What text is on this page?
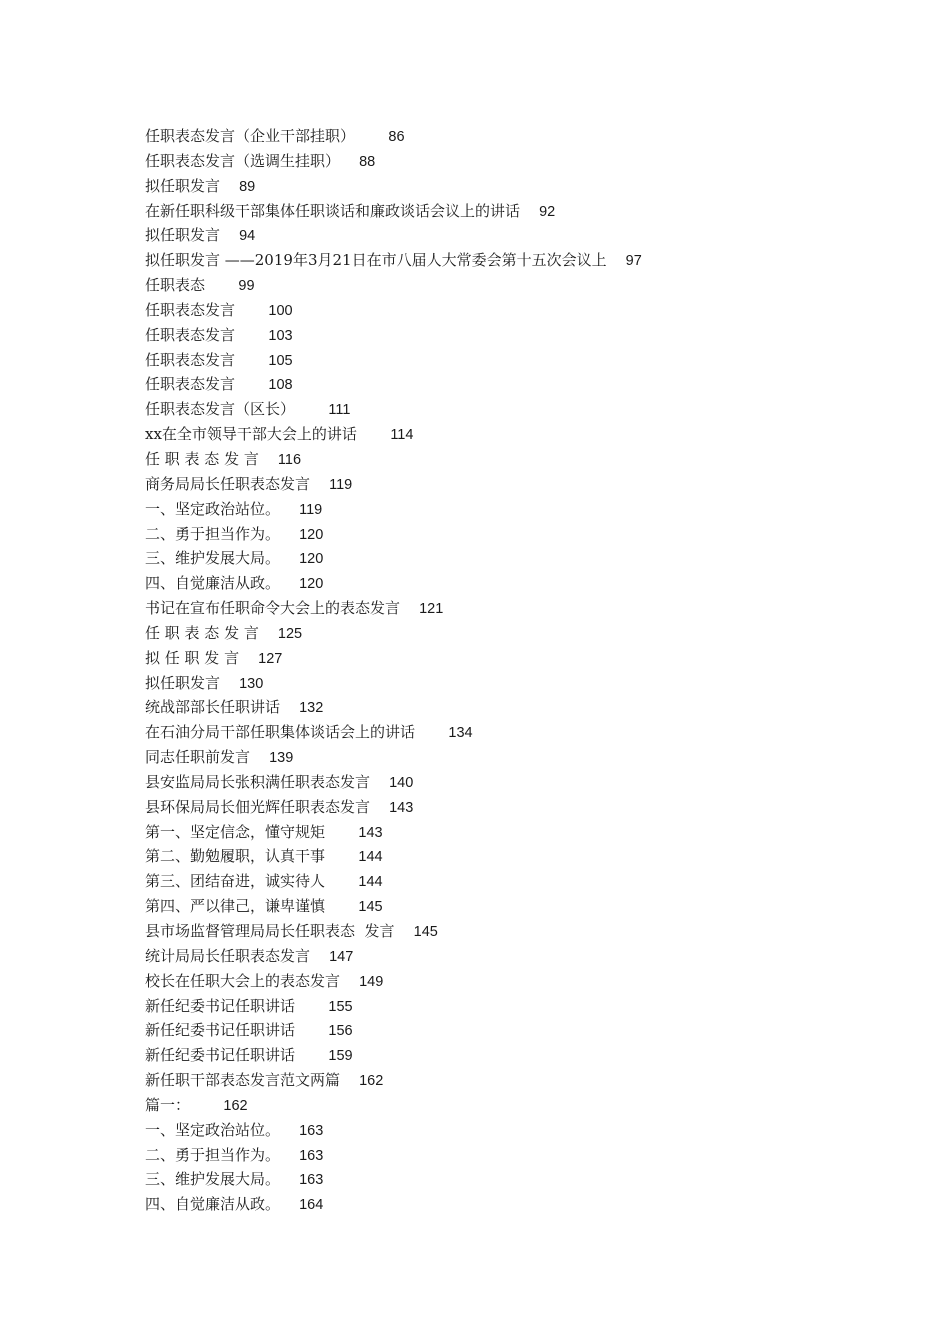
任职表态发言（企业干部挂职） 86
任职表态发言（选调生挂职） 88
拟任职发言 89
在新任职科级干部集体任职谈话和廉政谈话会议上的讲话 92
拟任职发言 94
拟任职发言 ——2019年3月21日在市八届人大常委会第十五次会议上 97
任职表态 99
任职表态发言 100
任职表态发言 103
任职表态发言 105
任职表态发言 108
任职表态发言（区长） 111
xx在全市领导干部大会上的讲话 114
任 职 表 态 发 言 116
商务局局长任职表态发言 119
一、坚定政治站位。 119
二、勇于担当作为。 120
三、维护发展大局。 120
四、自觉廉洁从政。 120
书记在宣布任职命令大会上的表态发言 121
任 职 表 态 发 言 125
拟 任 职 发 言 127
拟任职发言 130
统战部部长任职讲话 132
在石油分局干部任职集体谈话会上的讲话 134
同志任职前发言 139
县安监局局长张积满任职表态发言 140
县环保局局长佃光辉任职表态发言 143
第一、坚定信念，懂守规矩 143
第二、勤勉履职，认真干事 144
第三、团结奋进，诚实待人 144
第四、严以律己，谦卑谨慎 145
县市场监督管理局局长任职表态  发言 145
统计局局长任职表态发言 147
校长在任职大会上的表态发言 149
新任纪委书记任职讲话 155
新任纪委书记任职讲话 156
新任纪委书记任职讲话 159
新任职干部表态发言范文两篇 162
篇一： 162
一、坚定政治站位。 163
二、勇于担当作为。 163
三、维护发展大局。 163
四、自觉廉洁从政。 164
